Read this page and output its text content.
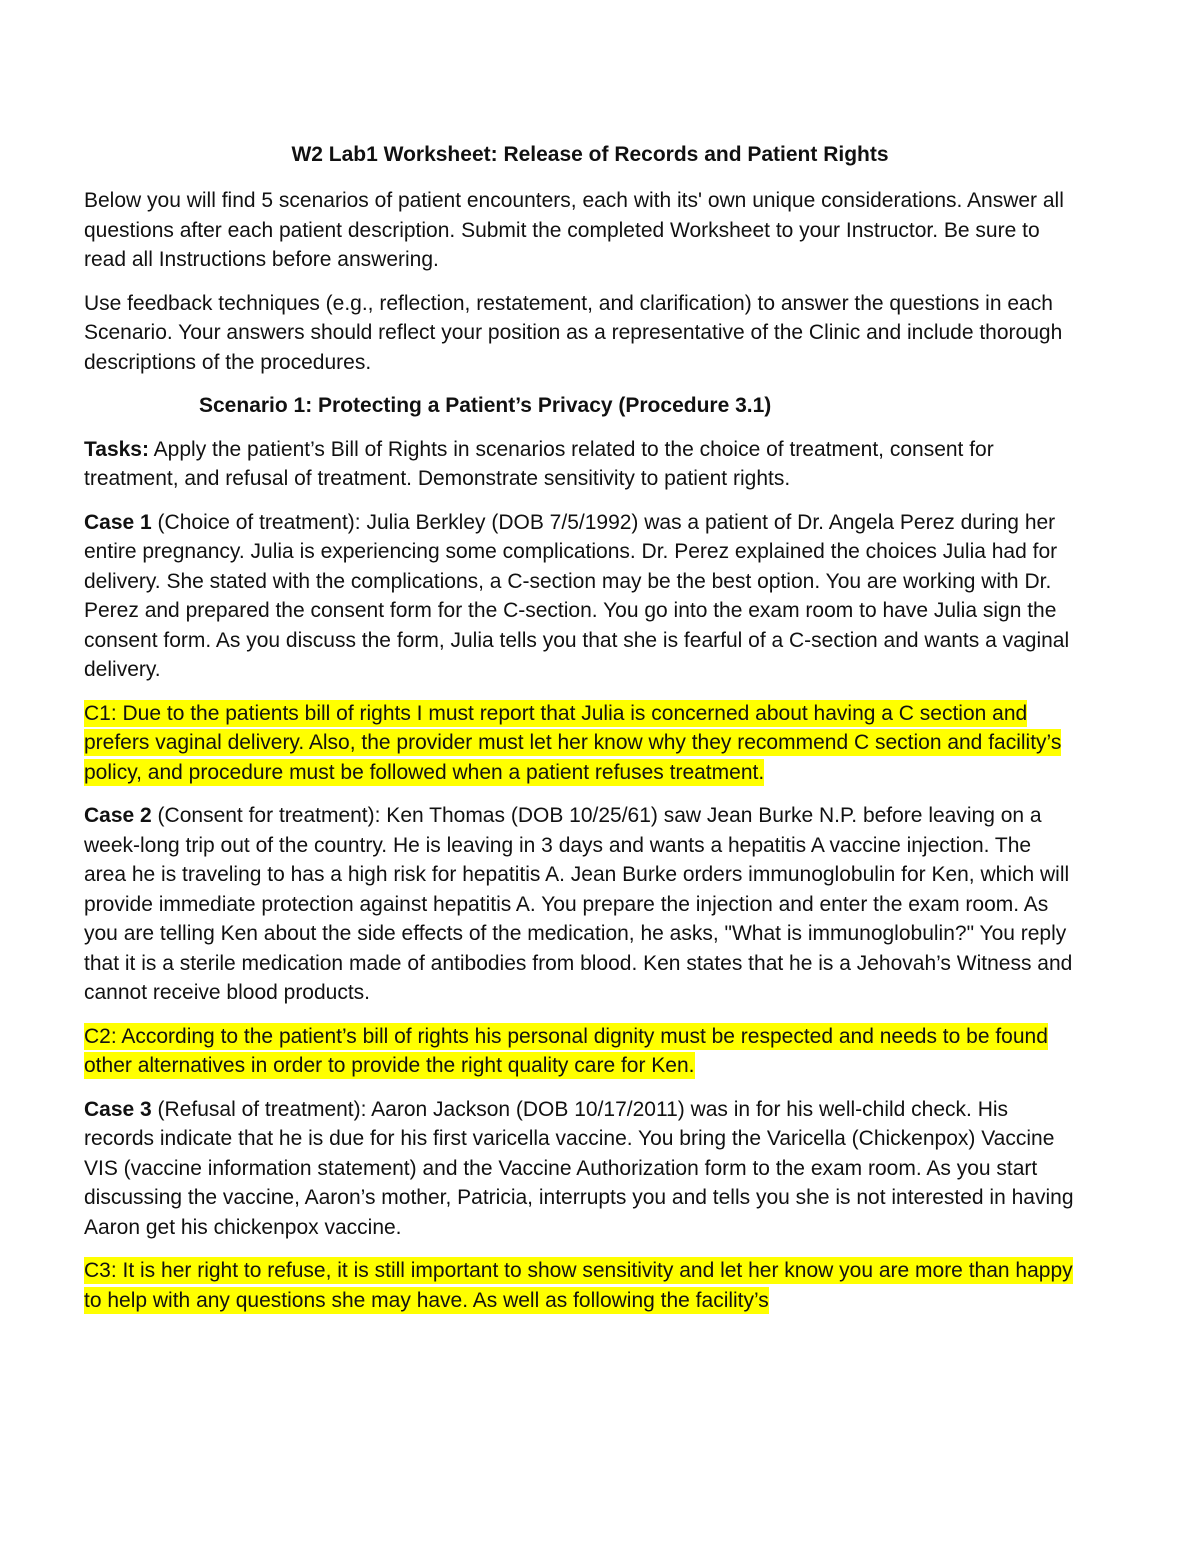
W2 Lab1 Worksheet: Release of Records and Patient Rights

Below you will find 5 scenarios of patient encounters, each with its' own unique considerations. Answer all questions after each patient description. Submit the completed Worksheet to your Instructor. Be sure to read all Instructions before answering.

Use feedback techniques (e.g., reflection, restatement, and clarification) to answer the questions in each Scenario. Your answers should reflect your position as a representative of the Clinic and include thorough descriptions of the procedures.

Scenario 1: Protecting a Patient’s Privacy (Procedure 3.1)

Tasks: Apply the patient’s Bill of Rights in scenarios related to the choice of treatment, consent for treatment, and refusal of treatment. Demonstrate sensitivity to patient rights.

Case 1 (Choice of treatment): Julia Berkley (DOB 7/5/1992) was a patient of Dr. Angela Perez during her entire pregnancy. Julia is experiencing some complications. Dr. Perez explained the choices Julia had for delivery. She stated with the complications, a C-section may be the best option. You are working with Dr. Perez and prepared the consent form for the C-section. You go into the exam room to have Julia sign the consent form. As you discuss the form, Julia tells you that she is fearful of a C-section and wants a vaginal delivery.

C1: Due to the patients bill of rights I must report that Julia is concerned about having a C section and prefers vaginal delivery. Also, the provider must let her know why they recommend C section and facility’s policy, and procedure must be followed when a patient refuses treatment.

Case 2 (Consent for treatment): Ken Thomas (DOB 10/25/61) saw Jean Burke N.P. before leaving on a week-long trip out of the country. He is leaving in 3 days and wants a hepatitis A vaccine injection. The area he is traveling to has a high risk for hepatitis A. Jean Burke orders immunoglobulin for Ken, which will provide immediate protection against hepatitis A. You prepare the injection and enter the exam room. As you are telling Ken about the side effects of the medication, he asks, "What is immunoglobulin?" You reply that it is a sterile medication made of antibodies from blood. Ken states that he is a Jehovah’s Witness and cannot receive blood products.

C2: According to the patient’s bill of rights his personal dignity must be respected and needs to be found other alternatives in order to provide the right quality care for Ken.

Case 3 (Refusal of treatment): Aaron Jackson (DOB 10/17/2011) was in for his well-child check. His records indicate that he is due for his first varicella vaccine. You bring the Varicella (Chickenpox) Vaccine VIS (vaccine information statement) and the Vaccine Authorization form to the exam room. As you start discussing the vaccine, Aaron’s mother, Patricia, interrupts you and tells you she is not interested in having Aaron get his chickenpox vaccine.

C3: It is her right to refuse, it is still important to show sensitivity and let her know you are more than happy to help with any questions she may have. As well as following the facility’s
